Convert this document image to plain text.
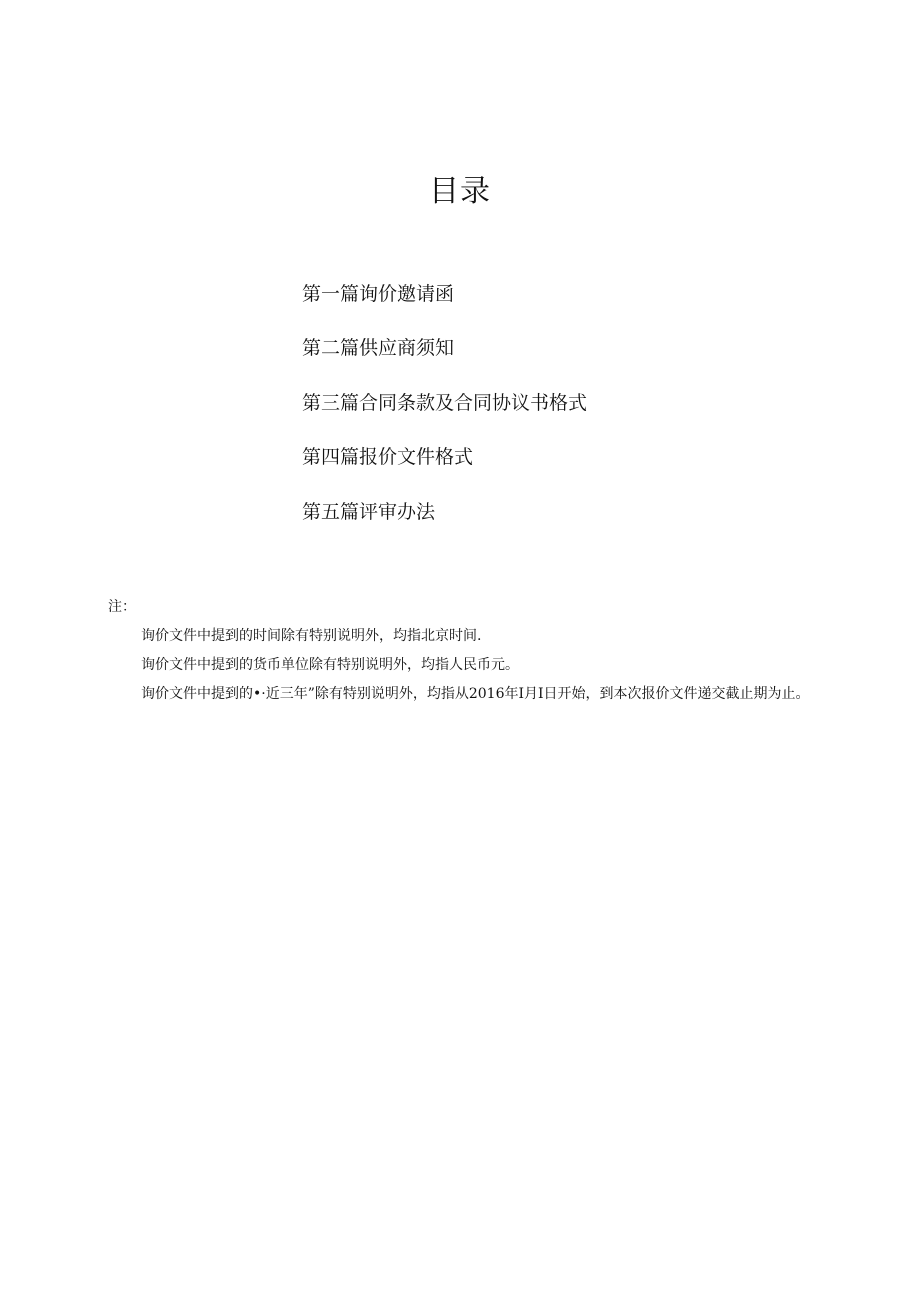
目录
第一篇询价邀请函
第二篇供应商须知
第三篇合同条款及合同协议书格式
第四篇报价文件格式
第五篇评审办法

注：

询价文件中提到的时间除有特别说明外，均指北京时间.

询价文件中提到的货币单位除有特别说明外，均指人民币元。

询价文件中提到的•·近三年”除有特别说明外，均指从2016年I月I日开始，到本次报价文件递交截止期为止。
